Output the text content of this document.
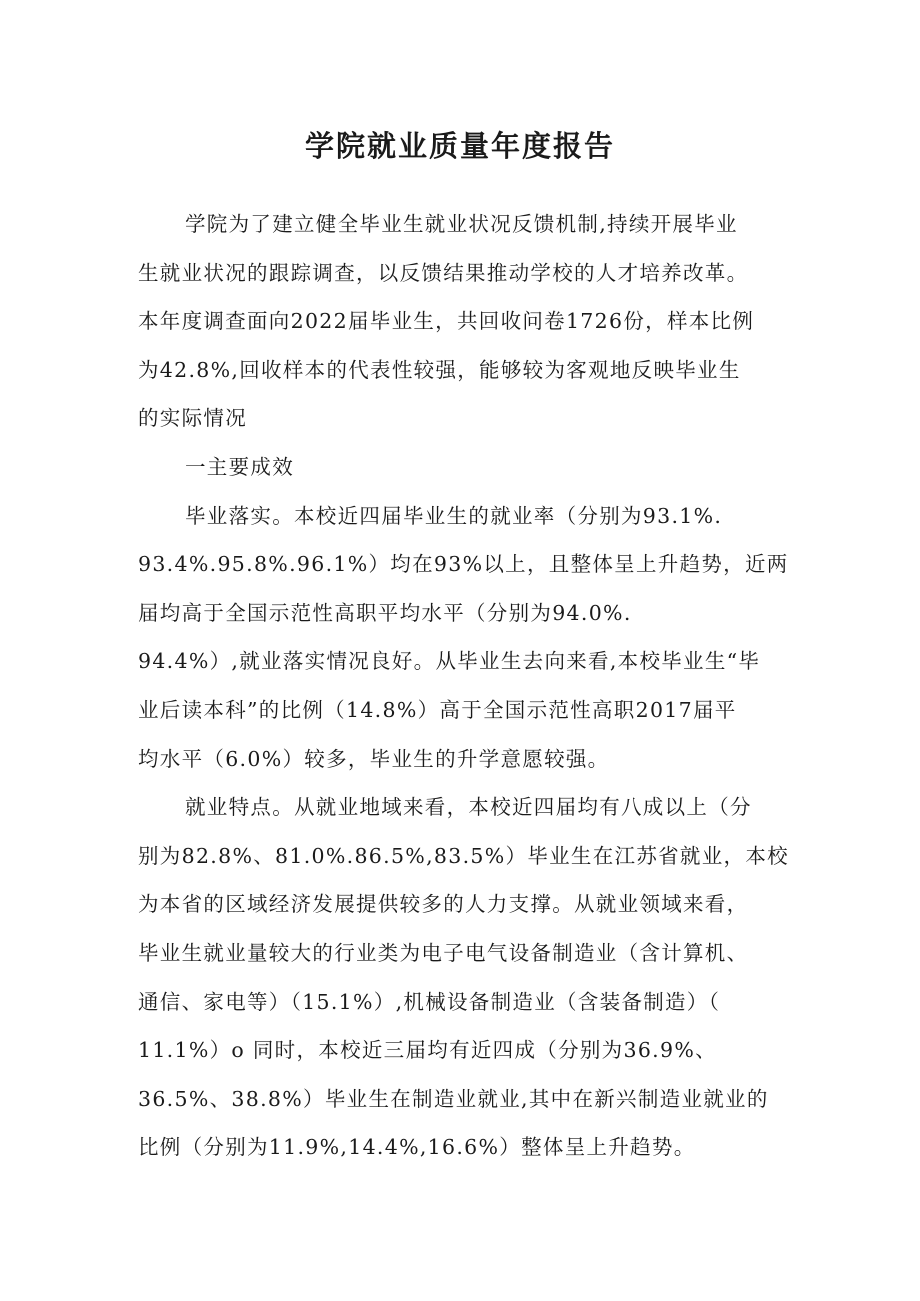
学院就业质量年度报告
学院为了建立健全毕业生就业状况反馈机制,持续开展毕业
生就业状况的跟踪调查，以反馈结果推动学校的人才培养改革。
本年度调查面向2022届毕业生，共回收问卷1726份，样本比例
为42.8%,回收样本的代表性较强，能够较为客观地反映毕业生
的实际情况
一主要成效
毕业落实。本校近四届毕业生的就业率（分别为93.1%.
93.4%.95.8%.96.1%）均在93%以上，且整体呈上升趋势，近两
届均高于全国示范性高职平均水平（分别为94.0%.
94.4%）,就业落实情况良好。从毕业生去向来看,本校毕业生“毕
业后读本科”的比例（14.8%）高于全国示范性高职2017届平
均水平（6.0%）较多，毕业生的升学意愿较强。
就业特点。从就业地域来看，本校近四届均有八成以上（分
别为82.8%、81.0%.86.5%,83.5%）毕业生在江苏省就业，本校
为本省的区域经济发展提供较多的人力支撑。从就业领域来看，
毕业生就业量较大的行业类为电子电气设备制造业（含计算机、
通信、家电等）（15.1%）,机械设备制造业（含装备制造）（
11.1%）o 同时，本校近三届均有近四成（分别为36.9%、
36.5%、38.8%）毕业生在制造业就业,其中在新兴制造业就业的
比例（分别为11.9%,14.4%,16.6%）整体呈上升趋势。
